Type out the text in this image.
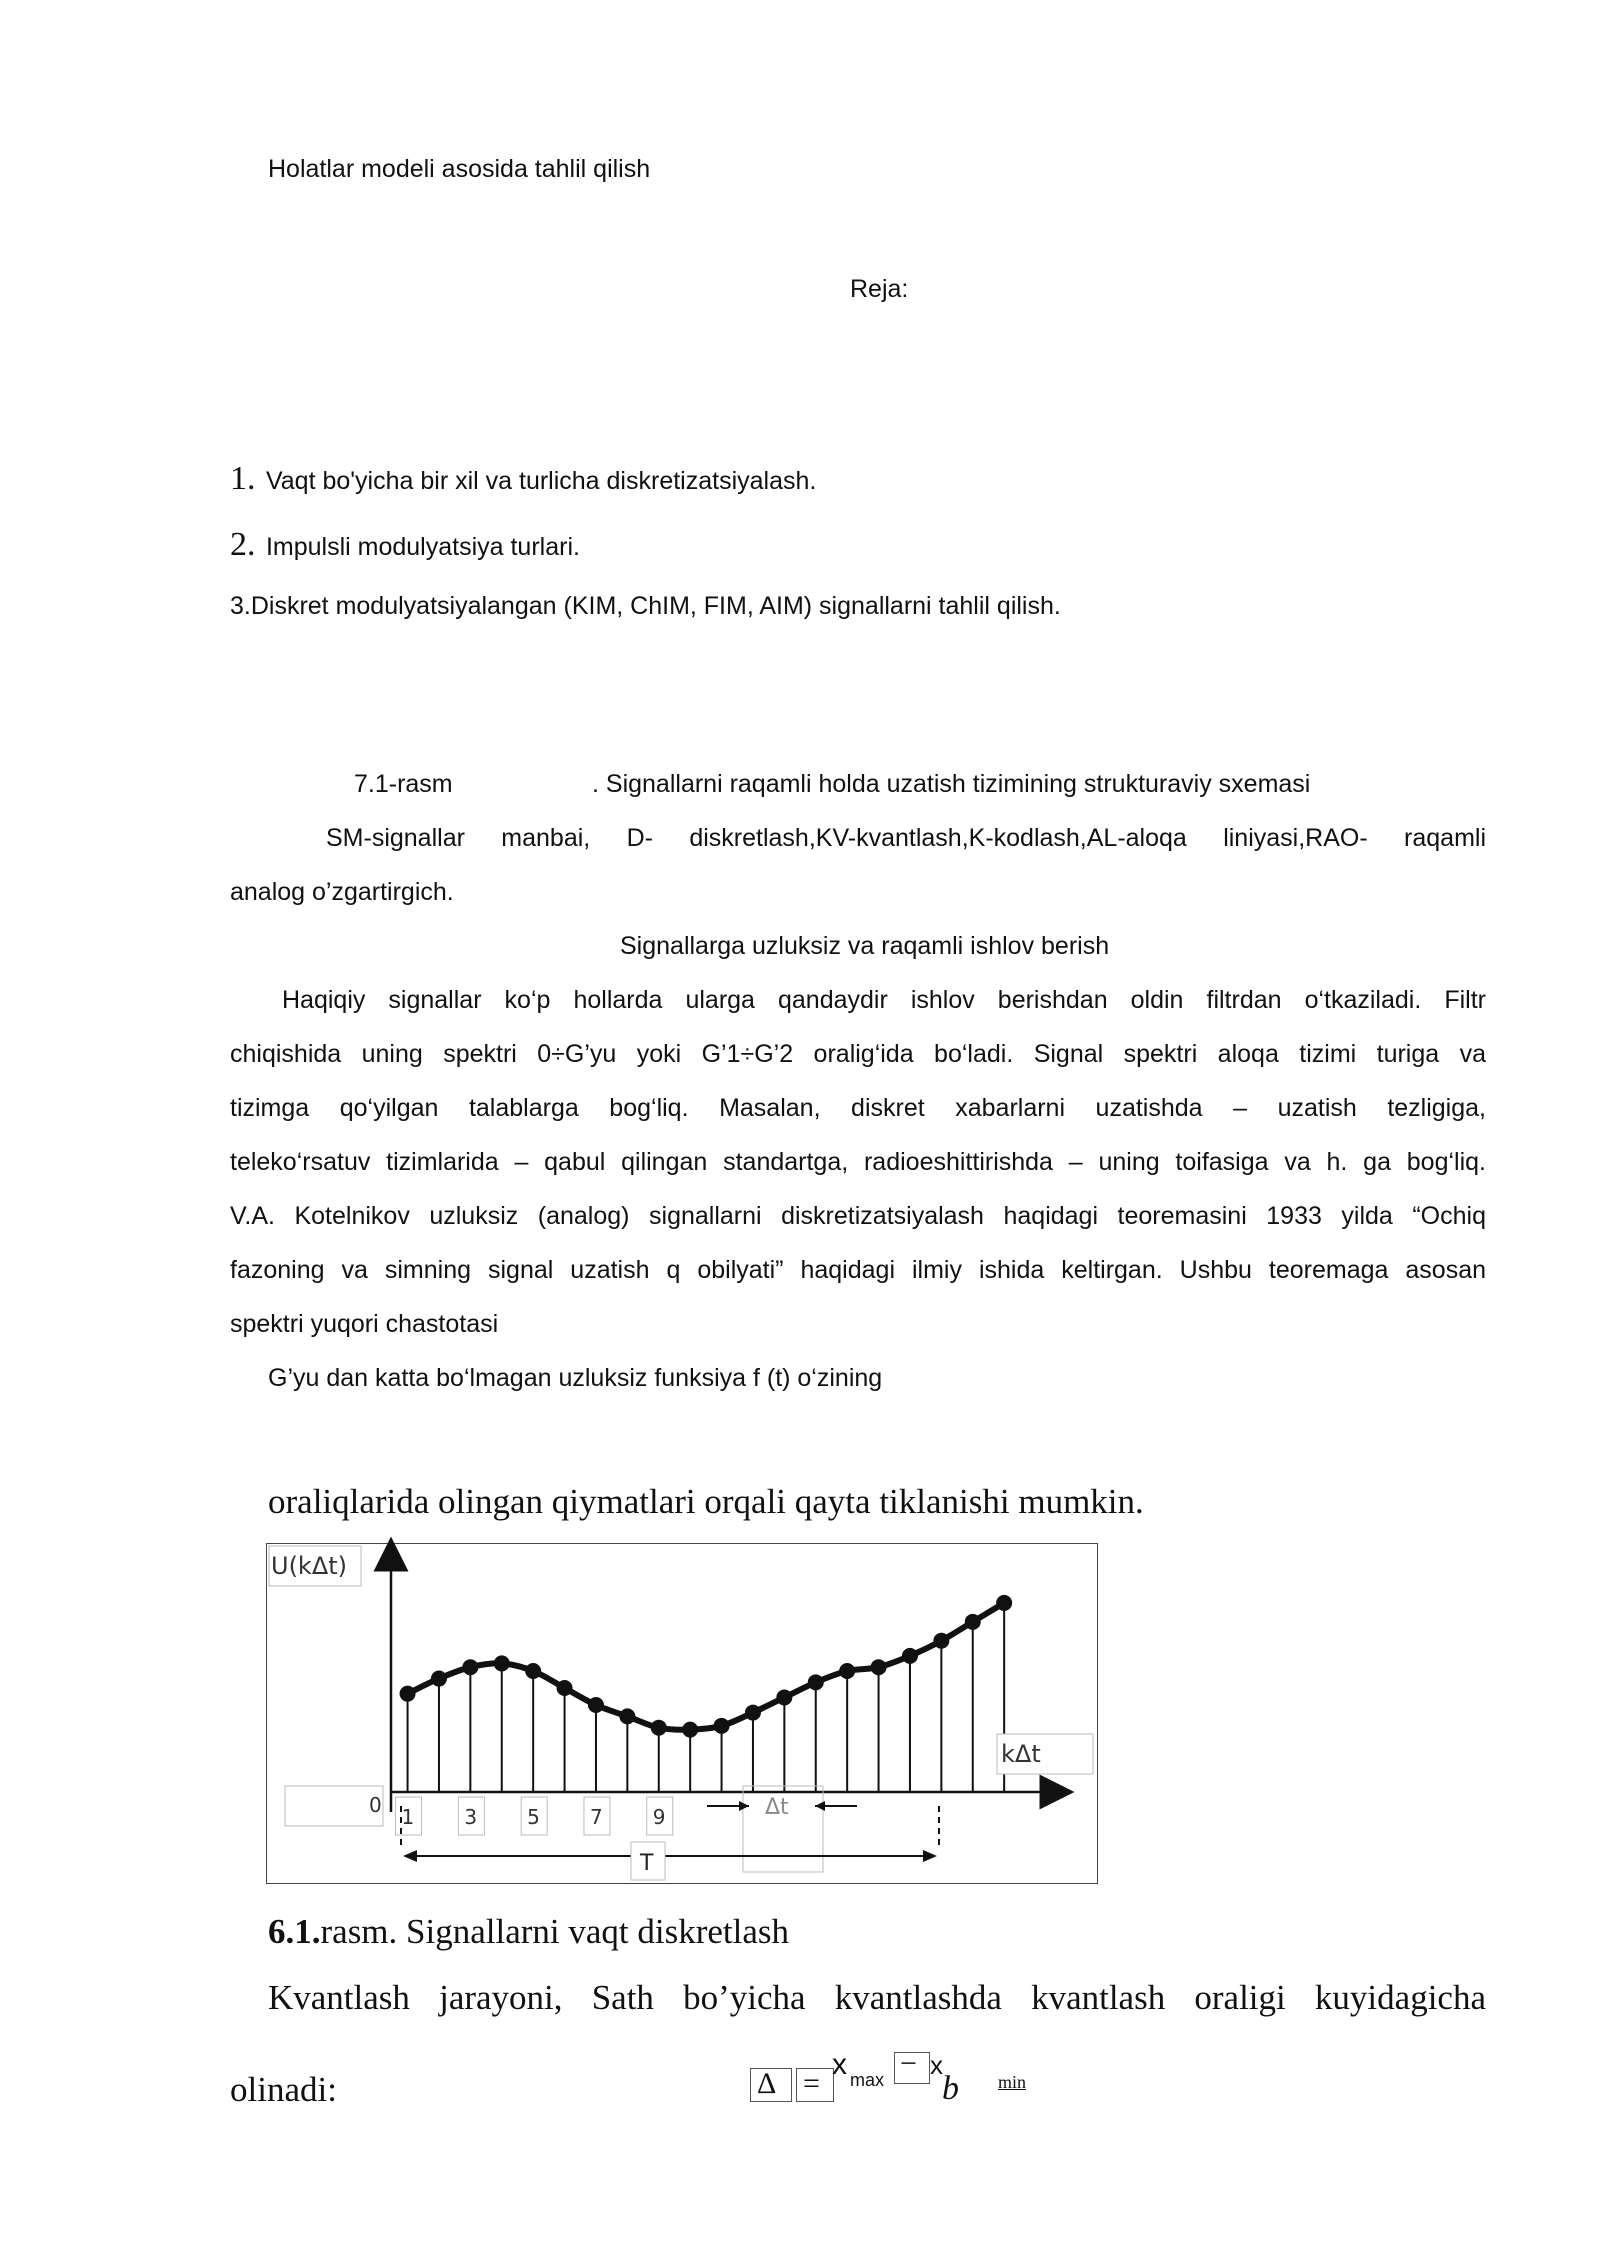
Holatlar modeli asosida tahlil qilish
Reja:
1. Vaqt bo'yicha bir xil va turlicha diskretizatsiyalash.
2. Impulsli modulyatsiya turlari.
3.Diskret modulyatsiyalangan (KIM, ChIM, FIM, AIM) signallarni tahlil qilish.
7.1-rasm	. Signallarni raqamli holda uzatish tizimining strukturaviy sxemasi
SM-signallar manbai, D- diskretlash,KV-kvantlash,K-kodlash,AL-aloqa liniyasi,RAO- raqamli
analog o’zgartirgich.
Signallarga uzluksiz va raqamli ishlov berish
Haqiqiy signallar ko‘p hollarda ularga qandaydir ishlov berishdan oldin filtrdan o‘tkaziladi. Filtr
chiqishida uning spektri 0÷G’yu yoki G’1÷G’2 oralig‘ida bo‘ladi. Signal spektri aloqa tizimi turiga va
tizimga qo‘yilgan talablarga bog‘liq. Masalan, diskret xabarlarni uzatishda – uzatish tezligiga,
teleko‘rsatuv tizimlarida – qabul qilingan standartga, radioeshittirishda – uning toifasiga va h. ga bog‘liq.
V.A. Kotelnikov uzluksiz (analog) signallarni diskretizatsiyalash haqidagi teoremasini 1933 yilda “Ochiq
fazoning va simning signal uzatish q obilyati” haqidagi ilmiy ishida keltirgan. Ushbu teoremaga asosan
spektri yuqori chastotasi
G’yu dan katta bo‘lmagan uzluksiz funksiya f (t) o‘zining
oraliqlarida olingan qiymatlari orqali qayta tiklanishi mumkin.
U(kΔt)
kΔt
0 1	3	5	7	9	Δt
T
6.1.rasm. Signallarni vaqt diskretlash
Kvantlash jarayoni, Sath bo’yicha kvantlashda kvantlash oraligi kuyidagicha
olinadi:	Δ =
x max − x
b min
